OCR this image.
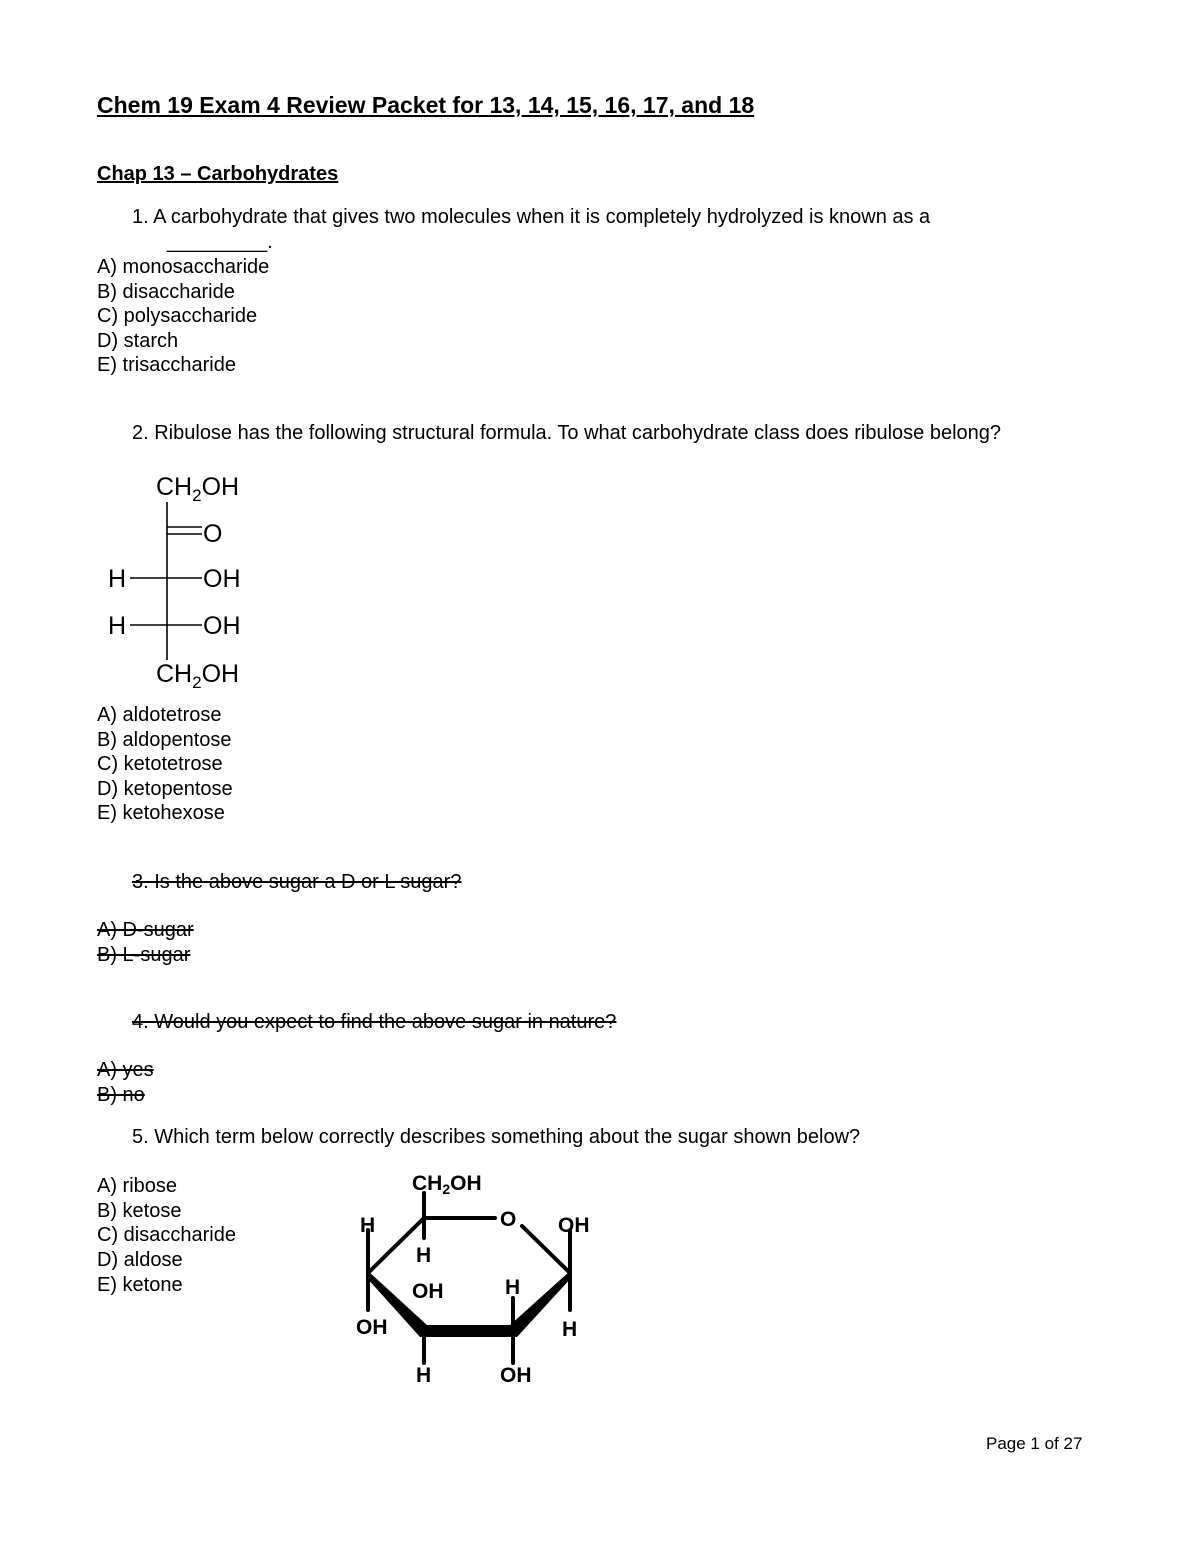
Chem 19 Exam 4 Review Packet for 13, 14, 15, 16, 17, and 18
Chap 13 – Carbohydrates
1. A carbohydrate that gives two molecules when it is completely hydrolyzed is known as a
_________.
A) monosaccharide
B) disaccharide
C) polysaccharide
D) starch
E) trisaccharide
2. Ribulose has the following structural formula. To what carbohydrate class does ribulose belong?
$CH_2OH$
O
H	OH
H	OH
$CH_2OH$
A) aldotetrose
B) aldopentose
C) ketotetrose
D) ketopentose
E) ketohexose
3. Is the above sugar a D or L sugar?
A) D-sugar
B) L-sugar
4. Would you expect to find the above sugar in nature?
A) yes
B) no
5. Which term below correctly describes something about the sugar shown below?
A) ribose
B) ketose
C) disaccharide
D) aldose
E) ketone
CH2OH
O OH
H
H
OH
H
OH	H
H	OH
Page 1 of 27
